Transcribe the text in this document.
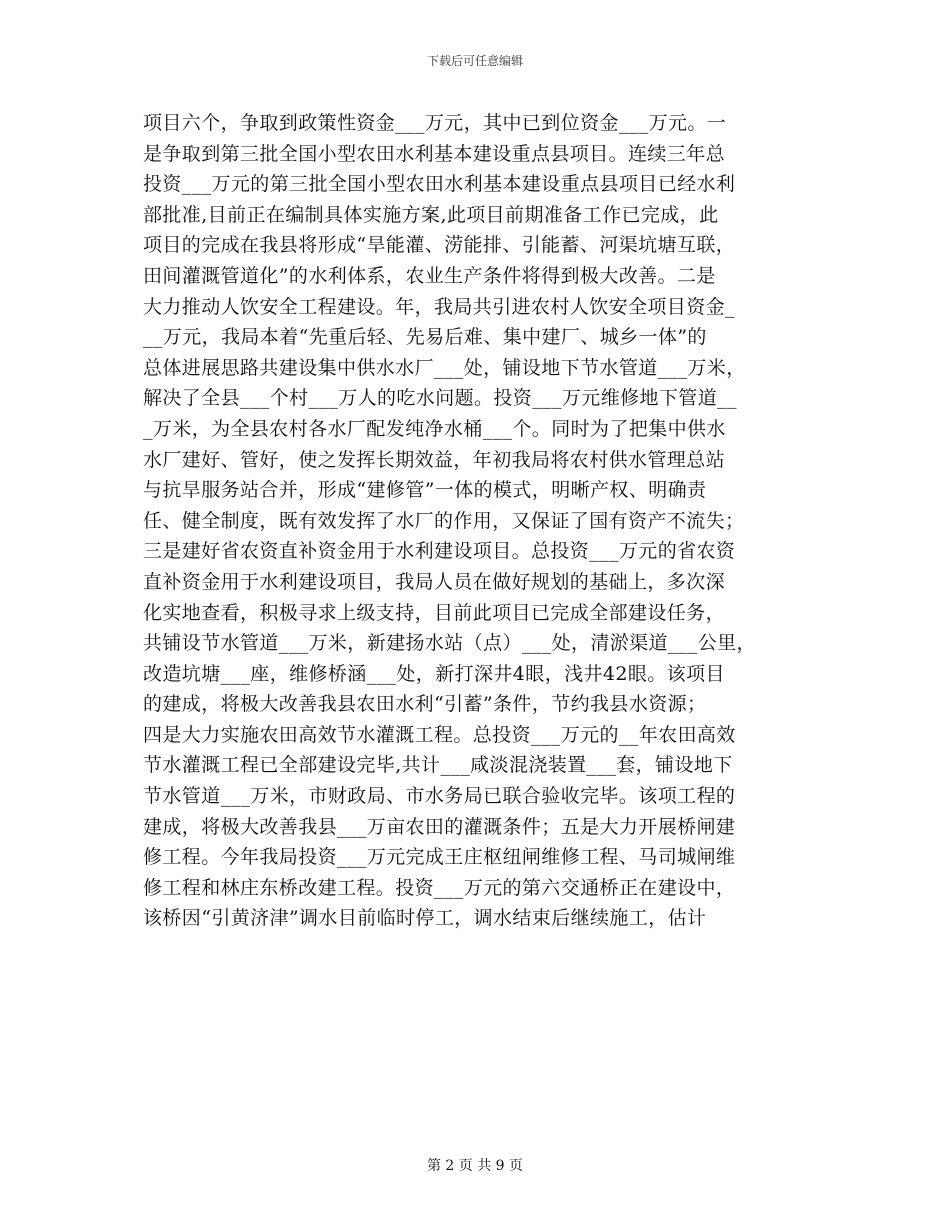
下载后可任意编辑
项目六个，争取到政策性资金___万元，其中已到位资金___万元。一
是争取到第三批全国小型农田水利基本建设重点县项目。连续三年总
投资___万元的第三批全国小型农田水利基本建设重点县项目已经水利
部批准,目前正在编制具体实施方案,此项目前期准备工作已完成，此
项目的完成在我县将形成“旱能灌、涝能排、引能蓄、河渠坑塘互联，
田间灌溉管道化”的水利体系，农业生产条件将得到极大改善。二是
大力推动人饮安全工程建设。年，我局共引进农村人饮安全项目资金_
__万元，我局本着“先重后轻、先易后难、集中建厂、城乡一体”的
总体进展思路共建设集中供水水厂___处，铺设地下节水管道___万米，
解决了全县___个村___万人的吃水问题。投资___万元维修地下管道__
_万米，为全县农村各水厂配发纯净水桶___个。同时为了把集中供水
水厂建好、管好，使之发挥长期效益，年初我局将农村供水管理总站
与抗旱服务站合并，形成“建修管”一体的模式，明晰产权、明确责
任、健全制度，既有效发挥了水厂的作用，又保证了国有资产不流失；
三是建好省农资直补资金用于水利建设项目。总投资___万元的省农资
直补资金用于水利建设项目，我局人员在做好规划的基础上，多次深
化实地查看，积极寻求上级支持，目前此项目已完成全部建设任务，
共铺设节水管道___万米，新建扬水站（点）___处，清淤渠道___公里，
改造坑塘___座，维修桥涵___处，新打深井4眼，浅井42眼。该项目
的建成，将极大改善我县农田水利“引蓄”条件，节约我县水资源；
四是大力实施农田高效节水灌溉工程。总投资___万元的__年农田高效
节水灌溉工程已全部建设完毕,共计___咸淡混浇装置___套，铺设地下
节水管道___万米，市财政局、市水务局已联合验收完毕。该项工程的
建成，将极大改善我县___万亩农田的灌溉条件；五是大力开展桥闸建
修工程。今年我局投资___万元完成王庄枢纽闸维修工程、马司城闸维
修工程和林庄东桥改建工程。投资___万元的第六交通桥正在建设中，
该桥因“引黄济津”调水目前临时停工，调水结束后继续施工，估计
第 2 页 共 9 页
